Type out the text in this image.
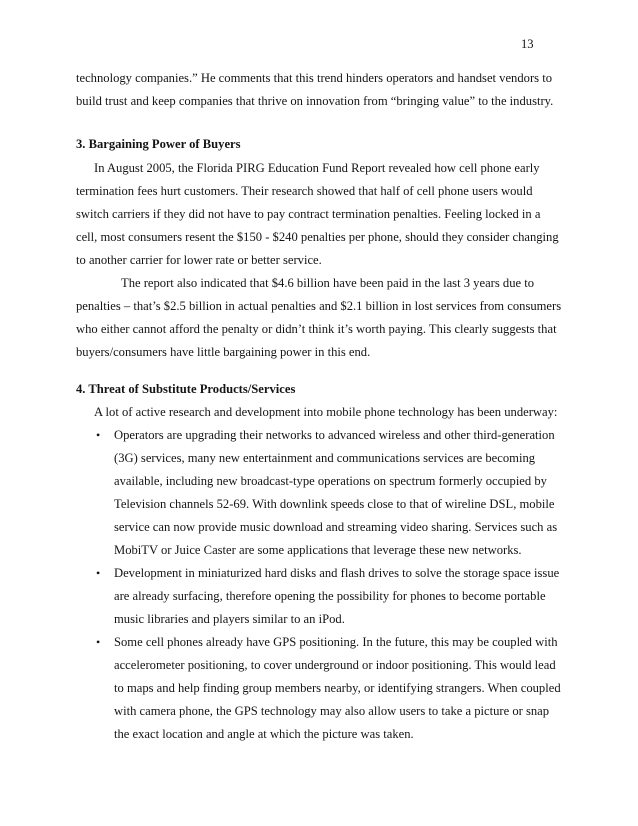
13
technology companies.” He comments that this trend hinders operators and handset vendors to
build trust and keep companies that thrive on innovation from “bringing value” to the industry.
3. Bargaining Power of Buyers
In August 2005, the Florida PIRG Education Fund Report revealed how cell phone early
termination fees hurt customers. Their research showed that half of cell phone users would
switch carriers if they did not have to pay contract termination penalties. Feeling locked in a
cell, most consumers resent the $150 - $240 penalties per phone, should they consider changing
to another carrier for lower rate or better service.
The report also indicated that $4.6 billion have been paid in the last 3 years due to
penalties – that’s $2.5 billion in actual penalties and $2.1 billion in lost services from consumers
who either cannot afford the penalty or didn’t think it’s worth paying. This clearly suggests that
buyers/consumers have little bargaining power in this end.
4. Threat of Substitute Products/Services
A lot of active research and development into mobile phone technology has been underway:
• Operators are upgrading their networks to advanced wireless and other third-generation
(3G) services, many new entertainment and communications services are becoming
available, including new broadcast-type operations on spectrum formerly occupied by
Television channels 52-69. With downlink speeds close to that of wireline DSL, mobile
service can now provide music download and streaming video sharing. Services such as
MobiTV or Juice Caster are some applications that leverage these new networks.
• Development in miniaturized hard disks and flash drives to solve the storage space issue
are already surfacing, therefore opening the possibility for phones to become portable
music libraries and players similar to an iPod.
• Some cell phones already have GPS positioning. In the future, this may be coupled with
accelerometer positioning, to cover underground or indoor positioning. This would lead
to maps and help finding group members nearby, or identifying strangers. When coupled
with camera phone, the GPS technology may also allow users to take a picture or snap
the exact location and angle at which the picture was taken.
